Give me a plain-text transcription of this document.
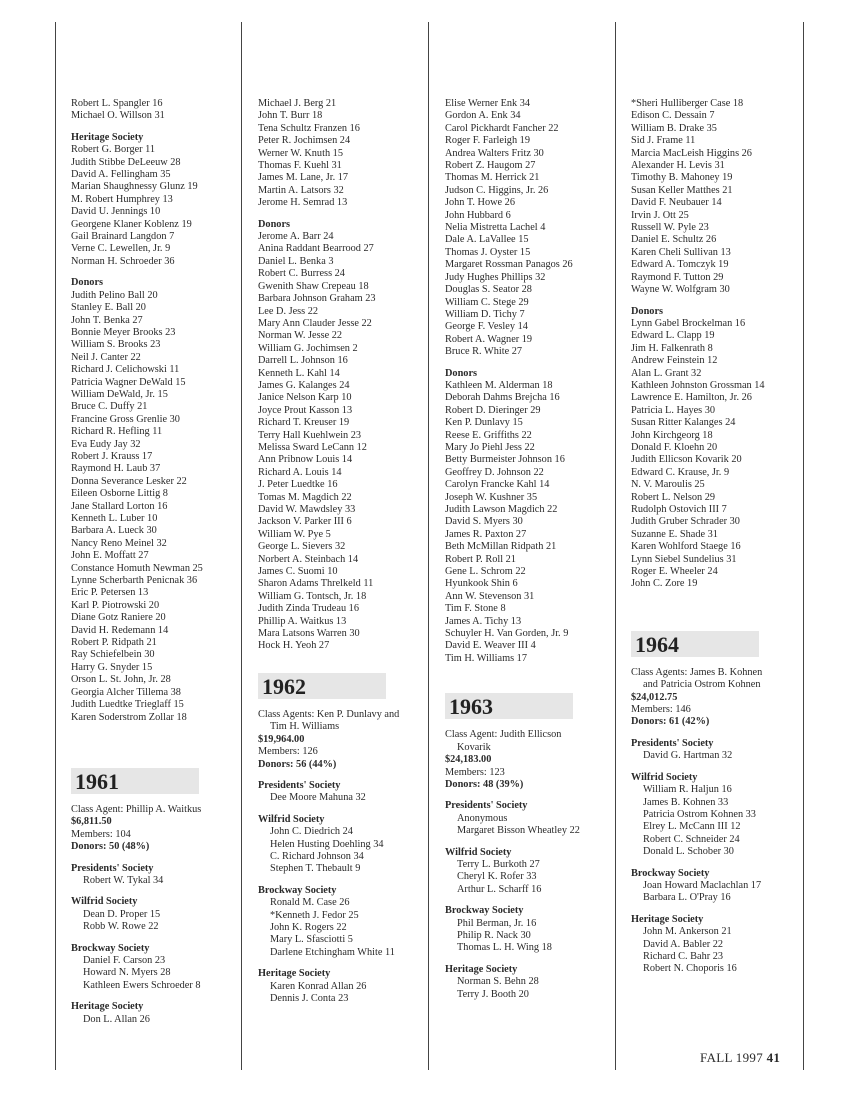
Robert L. Spangler 16
Michael O. Willson 31
Heritage Society
Robert G. Borger 11
Judith Stibbe DeLeeuw 28
David A. Fellingham 35
Marian Shaughnessy Glunz 19
M. Robert Humphrey 13
David U. Jennings 10
Georgene Klaner Koblenz 19
Gail Brainard Langdon 7
Verne C. Lewellen, Jr. 9
Norman H. Schroeder 36
Donors
Judith Pelino Ball 20
Stanley E. Ball 20
John T. Benka 27
Bonnie Meyer Brooks 23
William S. Brooks 23
Neil J. Canter 22
Richard J. Celichowski 11
Patricia Wagner DeWald 15
William DeWald, Jr. 15
Bruce C. Duffy 21
Francine Gross Grenlie 30
Richard R. Hefling 11
Eva Eudy Jay 32
Robert J. Krauss 17
Raymond H. Laub 37
Donna Severance Lesker 22
Eileen Osborne Littig 8
Jane Stallard Lorton 16
Kenneth L. Luber 10
Barbara A. Lueck 30
Nancy Reno Meinel 32
John E. Moffatt 27
Constance Homuth Newman 25
Lynne Scherbarth Penicnak 36
Eric P. Petersen 13
Karl P. Piotrowski 20
Diane Gotz Raniere 20
David H. Redemann 14
Robert P. Ridpath 21
Ray Schiefelbein 30
Harry G. Snyder 15
Orson L. St. John, Jr. 28
Georgia Alcher Tillema 38
Judith Luedtke Trieglaff 15
Karen Soderstrom Zollar 18
1961
Class Agent: Phillip A. Waitkus
$6,811.50
Members: 104
Donors: 50 (48%)
Presidents' Society
Robert W. Tykal 34
Wilfrid Society
Dean D. Proper 15
Robb W. Rowe 22
Brockway Society
Daniel F. Carson 23
Howard N. Myers 28
Kathleen Ewers Schroeder 8
Heritage Society
Don L. Allan 26
Michael J. Berg 21
John T. Burr 18
Tena Schultz Franzen 16
Peter R. Jochimsen 24
Werner W. Knuth 15
Thomas F. Kuehl 31
James M. Lane, Jr. 17
Martin A. Latsors 32
Jerome H. Semrad 13
Donors
Jerome A. Barr 24
Anina Raddant Bearrood 27
Daniel L. Benka 3
Robert C. Burress 24
Gwenith Shaw Crepeau 18
Barbara Johnson Graham 23
Lee D. Jess 22
Mary Ann Clauder Jesse 22
Norman W. Jesse 22
William G. Jochimsen 2
Darrell L. Johnson 16
Kenneth L. Kahl 14
James G. Kalanges 24
Janice Nelson Karp 10
Joyce Prout Kasson 13
Richard T. Kreuser 19
Terry Hall Kuehlwein 23
Melissa Sward LeCann 12
Ann Pribnow Louis 14
Richard A. Louis 14
J. Peter Luedtke 16
Tomas M. Magdich 22
David W. Mawdsley 33
Jackson V. Parker III 6
William W. Pye 5
George L. Sievers 32
Norbert A. Steinbach 14
James C. Suomi 10
Sharon Adams Threlkeld 11
William G. Tontsch, Jr. 18
Judith Zinda Trudeau 16
Phillip A. Waitkus 13
Mara Latsons Warren 30
Hock H. Yeoh 27
1962
Class Agents: Ken P. Dunlavy and
Tim H. Williams
$19,964.00
Members: 126
Donors: 56 (44%)
Presidents' Society
Dee Moore Mahuna 32
Wilfrid Society
John C. Diedrich 24
Helen Husting Doehling 34
C. Richard Johnson 34
Stephen T. Thebault 9
Brockway Society
Ronald M. Case 26
*Kenneth J. Fedor 25
John K. Rogers 22
Mary L. Sfasciotti 5
Darlene Etchingham White 11
Heritage Society
Karen Konrad Allan 26
Dennis J. Conta 23
Elise Werner Enk 34
Gordon A. Enk 34
Carol Pickhardt Fancher 22
Roger F. Farleigh 19
Andrea Walters Fritz 30
Robert Z. Haugom 27
Thomas M. Herrick 21
Judson C. Higgins, Jr. 26
John T. Howe 26
John Hubbard 6
Nelia Mistretta Lachel 4
Dale A. LaVallee 15
Thomas J. Oyster 15
Margaret Rossman Panagos 26
Judy Hughes Phillips 32
Douglas S. Seator 28
William C. Stege 29
William D. Tichy 7
George F. Vesley 14
Robert A. Wagner 19
Bruce R. White 27
Donors
Kathleen M. Alderman 18
Deborah Dahms Brejcha 16
Robert D. Dieringer 29
Ken P. Dunlavy 15
Reese E. Griffiths 22
Mary Jo Piehl Jess 22
Betty Burmeister Johnson 16
Geoffrey D. Johnson 22
Carolyn Francke Kahl 14
Joseph W. Kushner 35
Judith Lawson Magdich 22
David S. Myers 30
James R. Paxton 27
Beth McMillan Ridpath 21
Robert P. Roll 21
Gene L. Schrom 22
Hyunkook Shin 6
Ann W. Stevenson 31
Tim F. Stone 8
James A. Tichy 13
Schuyler H. Van Gorden, Jr. 9
David E. Weaver III 4
Tim H. Williams 17
1963
Class Agent: Judith Ellicson
Kovarik
$24,183.00
Members: 123
Donors: 48 (39%)
Presidents' Society
Anonymous
Margaret Bisson Wheatley 22
Wilfrid Society
Terry L. Burkoth 27
Cheryl K. Rofer 33
Arthur L. Scharff 16
Brockway Society
Phil Berman, Jr. 16
Philip R. Nack 30
Thomas L. H. Wing 18
Heritage Society
Norman S. Behn 28
Terry J. Booth 20
*Sheri Hulliberger Case 18
Edison C. Dessain 7
William B. Drake 35
Sid J. Frame 11
Marcia MacLeish Higgins 26
Alexander H. Levis 31
Timothy B. Mahoney 19
Susan Keller Matthes 21
David F. Neubauer 14
Irvin J. Ott 25
Russell W. Pyle 23
Daniel E. Schultz 26
Karen Cheli Sullivan 13
Edward A. Tomczyk 19
Raymond F. Tutton 29
Wayne W. Wolfgram 30
Donors
Lynn Gabel Brockelman 16
Edward L. Clapp 19
Jim H. Falkenrath 8
Andrew Feinstein 12
Alan L. Grant 32
Kathleen Johnston Grossman 14
Lawrence E. Hamilton, Jr. 26
Patricia L. Hayes 30
Susan Ritter Kalanges 24
John Kirchgeorg 18
Donald F. Kloehn 20
Judith Ellicson Kovarik 20
Edward C. Krause, Jr. 9
N. V. Maroulis 25
Robert L. Nelson 29
Rudolph Ostovich III 7
Judith Gruber Schrader 30
Suzanne E. Shade 31
Karen Wohlford Staege 16
Lynn Siebel Sundelius 31
Roger E. Wheeler 24
John C. Zore 19
1964
Class Agents: James B. Kohnen
and Patricia Ostrom Kohnen
$24,012.75
Members: 146
Donors: 61 (42%)
Presidents' Society
David G. Hartman 32
Wilfrid Society
William R. Haljun 16
James B. Kohnen 33
Patricia Ostrom Kohnen 33
Elrey L. McCann III 12
Robert C. Schneider 24
Donald L. Schober 30
Brockway Society
Joan Howard Maclachlan 17
Barbara L. O'Pray 16
Heritage Society
John M. Ankerson 21
David A. Babler 22
Richard C. Bahr 23
Robert N. Choporis 16
FALL 1997 41
